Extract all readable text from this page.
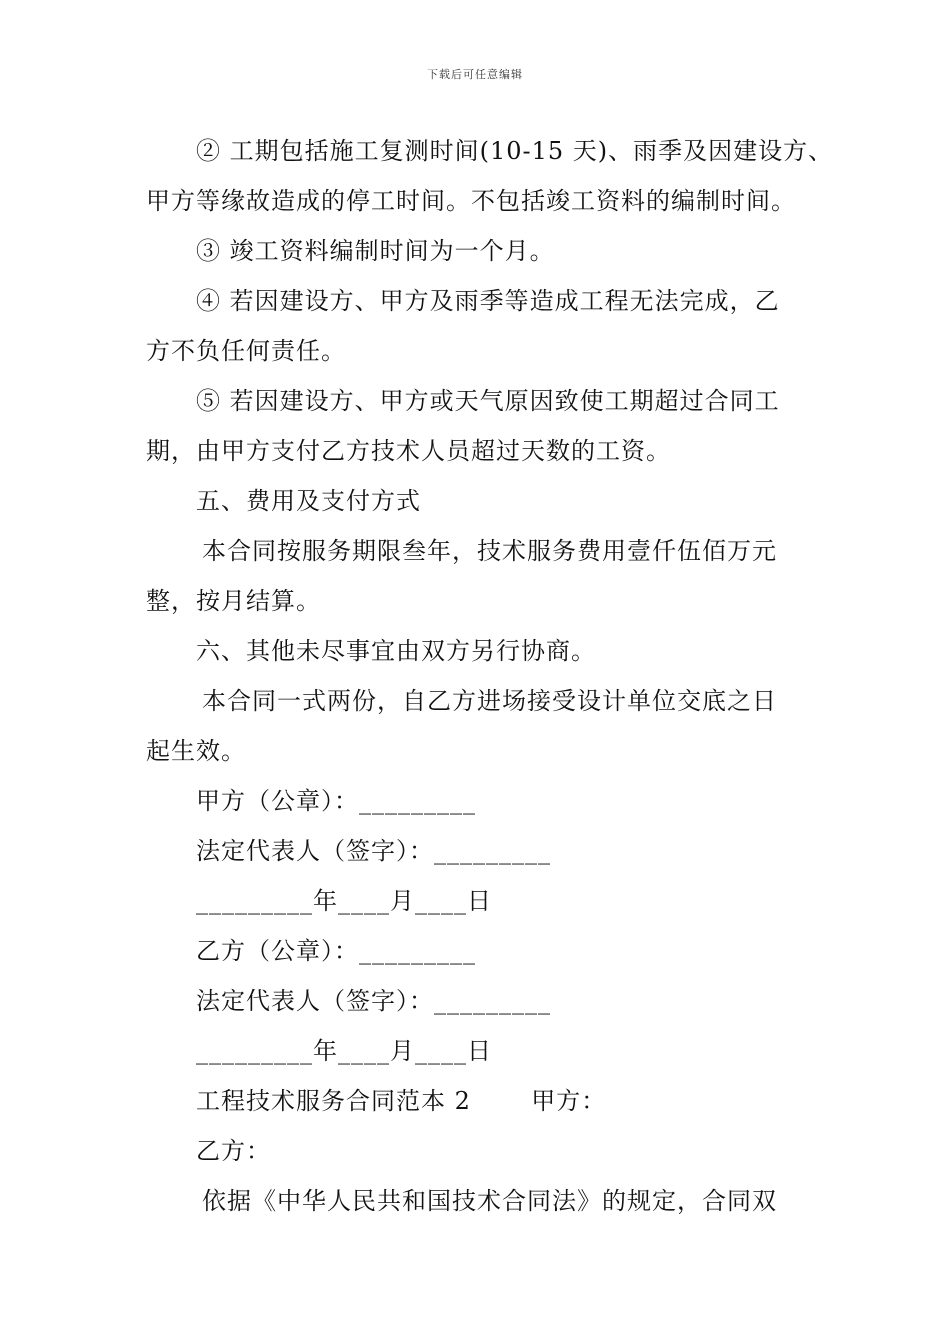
下载后可任意编辑
② 工期包括施工复测时间(10-15 天)、雨季及因建设方、
甲方等缘故造成的停工时间。不包括竣工资料的编制时间。
③ 竣工资料编制时间为一个月。
④ 若因建设方、甲方及雨季等造成工程无法完成，乙
方不负任何责任。
⑤ 若因建设方、甲方或天气原因致使工期超过合同工
期，由甲方支付乙方技术人员超过天数的工资。
五、费用及支付方式
本合同按服务期限叁年，技术服务费用壹仟伍佰万元
整，按月结算。
六、其他未尽事宜由双方另行协商。
本合同一式两份，自乙方进场接受设计单位交底之日
起生效。
甲方（公章）：_________
法定代表人（签字）：_________
_________年____月____日
乙方（公章）：_________
法定代表人（签字）：_________
_________年____月____日
工程技术服务合同范本 2       甲方：
乙方：
依据《中华人民共和国技术合同法》的规定，合同双
